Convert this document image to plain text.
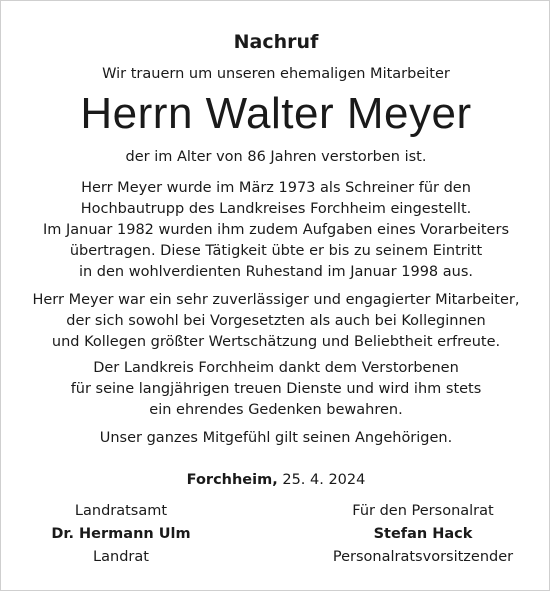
Nachruf
Wir trauern um unseren ehemaligen Mitarbeiter
Herrn Walter Meyer
der im Alter von 86 Jahren verstorben ist.
Herr Meyer wurde im März 1973 als Schreiner für den
Hochbautrupp des Landkreises Forchheim eingestellt.
Im Januar 1982 wurden ihm zudem Aufgaben eines Vorarbeiters
übertragen. Diese Tätigkeit übte er bis zu seinem Eintritt
in den wohlverdienten Ruhestand im Januar 1998 aus.
Herr Meyer war ein sehr zuverlässiger und engagierter Mitarbeiter,
der sich sowohl bei Vorgesetzten als auch bei Kolleginnen
und Kollegen größter Wertschätzung und Beliebtheit erfreute.
Der Landkreis Forchheim dankt dem Verstorbenen
für seine langjährigen treuen Dienste und wird ihm stets
ein ehrendes Gedenken bewahren.
Unser ganzes Mitgefühl gilt seinen Angehörigen.
Forchheim, 25. 4. 2024
Landratsamt
Dr. Hermann Ulm
Landrat
Für den Personalrat
Stefan Hack
Personalratsvorsitzender
